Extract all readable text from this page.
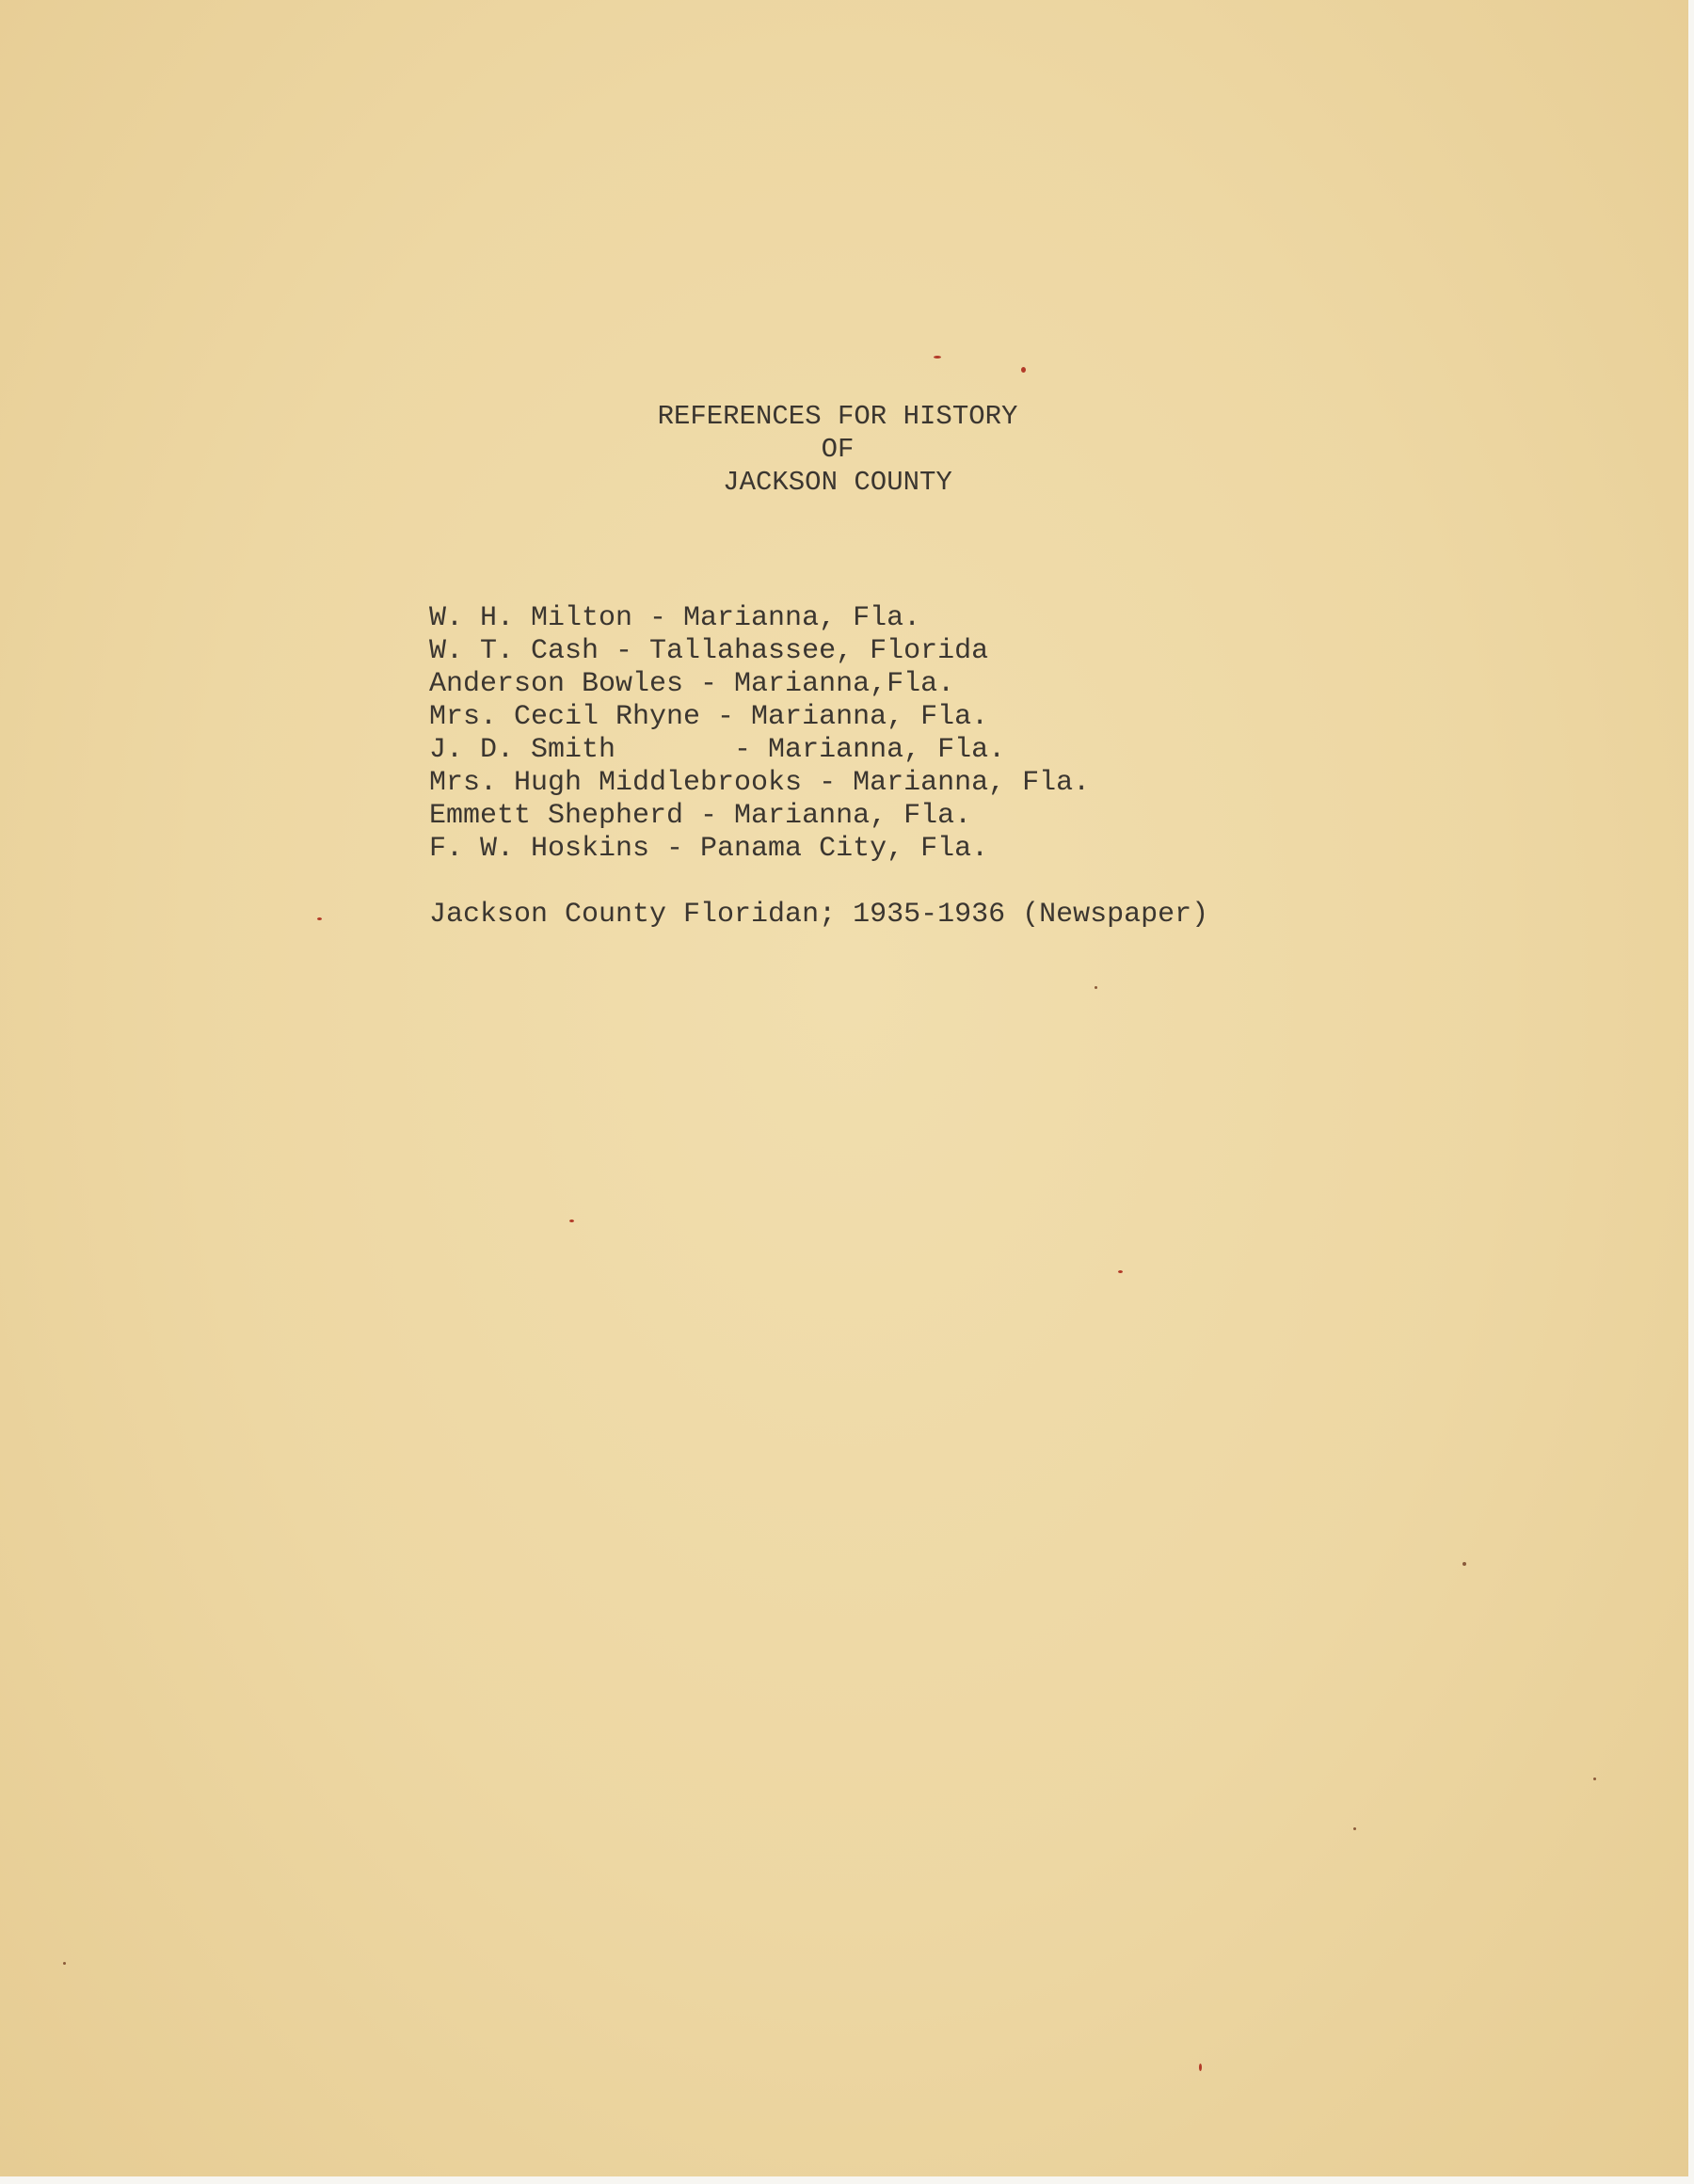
REFERENCES FOR HISTORY
OF
JACKSON COUNTY
W. H. Milton - Marianna, Fla.
W. T. Cash - Tallahassee, Florida
Anderson Bowles - Marianna,Fla.
Mrs. Cecil Rhyne - Marianna, Fla.
J. D. Smith       - Marianna, Fla.
Mrs. Hugh Middlebrooks - Marianna, Fla.
Emmett Shepherd - Marianna, Fla.
F. W. Hoskins - Panama City, Fla.
Jackson County Floridan; 1935-1936 (Newspaper)
